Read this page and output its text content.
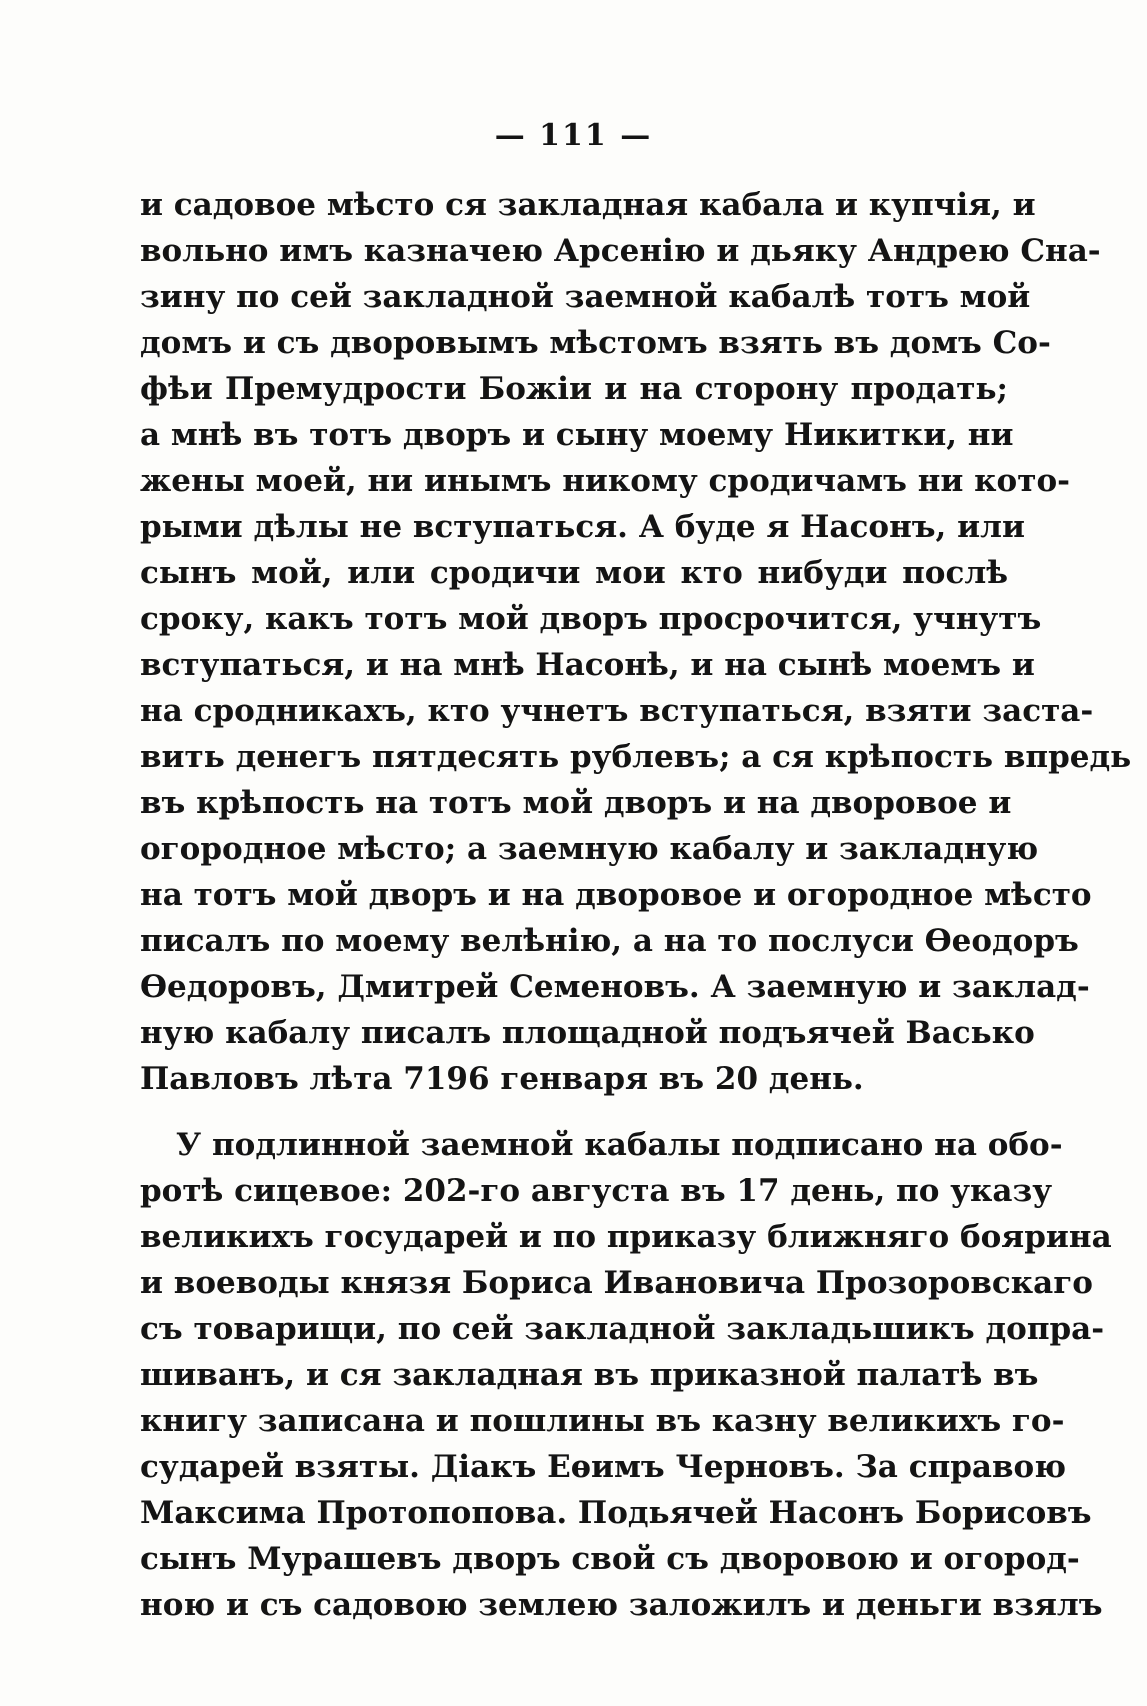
— 111 —
и садовое мѣсто ся закладная кабала и купчія, и
вольно имъ казначею Арсенію и дьяку Андрею Сна-
зину по сей закладной заемной кабалѣ тотъ мой
домъ и съ дворовымъ мѣстомъ взять въ домъ Со-
фѣи Премудрости Божіи и на сторону продать;
а мнѣ въ тотъ дворъ и сыну моему Никитки, ни
жены моей, ни инымъ никому сродичамъ ни кото-
рыми дѣлы не вступаться. А буде я Насонъ, или
сынъ мой, или сродичи мои кто нибуди послѣ
сроку, какъ тотъ мой дворъ просрочится, учнутъ
вступаться, и на мнѣ Насонѣ, и на сынѣ моемъ и
на сродникахъ, кто учнетъ вступаться, взяти заста-
вить денегъ пятдесять рублевъ; а ся крѣпость впредь
въ крѣпость на тотъ мой дворъ и на дворовое и
огородное мѣсто; а заемную кабалу и закладную
на тотъ мой дворъ и на дворовое и огородное мѣсто
писалъ по моему велѣнію, а на то послуси Өеодоръ
Өедоровъ, Дмитрей Семеновъ. А заемную и заклад-
ную кабалу писалъ площадной подъячей Васько
Павловъ лѣта 7196 генваря въ 20 день.
У подлинной заемной кабалы подписано на обо-
ротѣ сицевое: 202-го августа въ 17 день, по указу
великихъ государей и по приказу ближняго боярина
и воеводы князя Бориса Ивановича Прозоровскаго
съ товарищи, по сей закладной закладьшикъ допра-
шиванъ, и ся закладная въ приказной палатѣ въ
книгу записана и пошлины въ казну великихъ го-
сударей взяты. Діакъ Еѳимъ Черновъ. За справою
Максима Протопопова. Подьячей Насонъ Борисовъ
сынъ Мурашевъ дворъ свой съ дворовою и огород-
ною и съ садовою землею заложилъ и деньги взялъ
